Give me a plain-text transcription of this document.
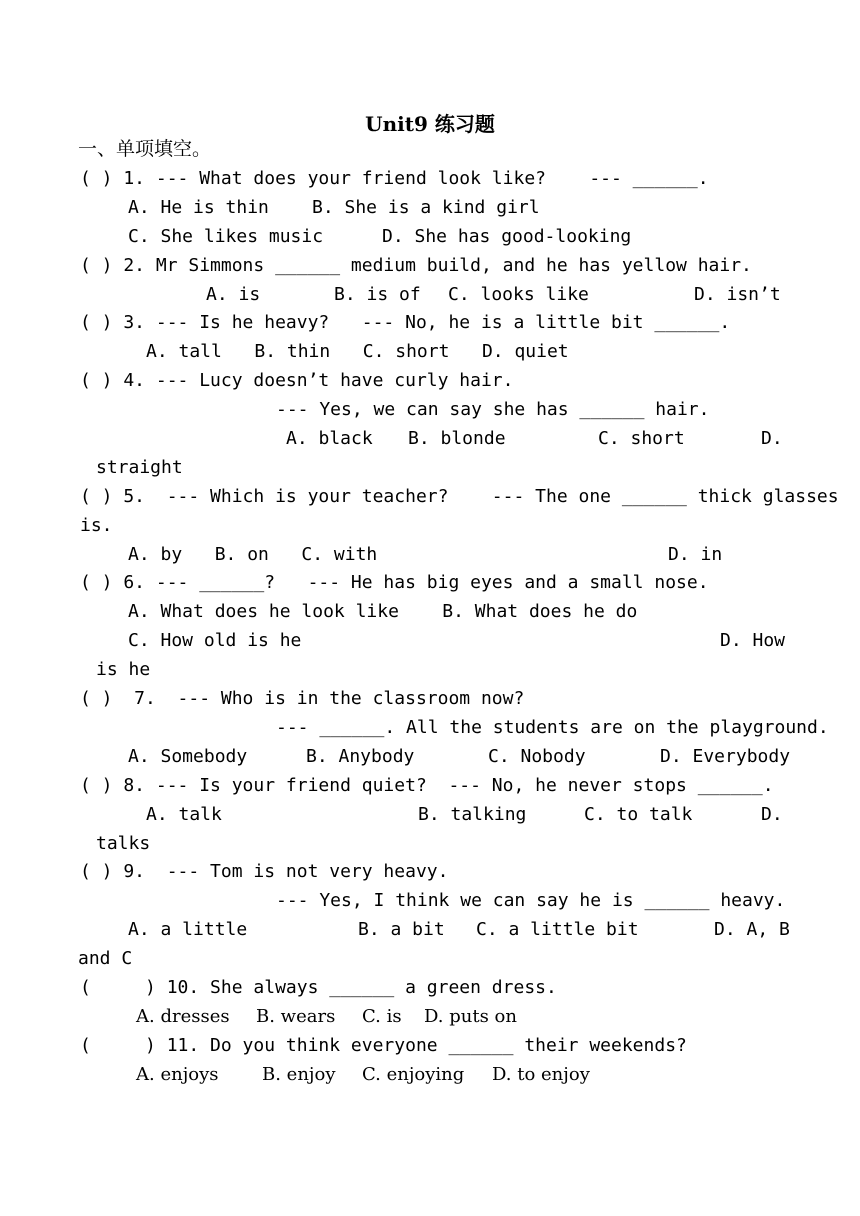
Unit9 练习题
一、单项填空。
( ) 1. --- What does your friend look like?    --- ______.
A. He is thin B. She is a kind girl
C. She likes music	D. She has good-looking
( ) 2. Mr Simmons ______ medium build, and he has yellow hair.
A. is	B. is of C. looks like	D. isn’t
( ) 3. --- Is he heavy?   --- No, he is a little bit ______.
A. tall   B. thin   C. short   D. quiet
( ) 4. --- Lucy doesn’t have curly hair.
--- Yes, we can say she has ______ hair.
A. black B. blonde	C. short	D.
straight
( ) 5.  --- Which is your teacher?    --- The one ______ thick glasses
is.
A. by   B. on   C. with	D. in
( ) 6. --- ______?   --- He has big eyes and a small nose.
A. What does he look like    B. What does he do
C. How old is he	D. How
is he
( )  7.  --- Who is in the classroom now?
--- ______. All the students are on the playground.
A. Somebody	B. Anybody	C. Nobody	D. Everybody
( ) 8. --- Is your friend quiet?  --- No, he never stops ______.
A. talk	B. talking	C. to talk	D.
talks
( ) 9.  --- Tom is not very heavy.
--- Yes, I think we can say he is ______ heavy.
A. a little	B. a bit C. a little bit	D. A, B
and C
(     ) 10. She always ______ a green dress.
A. dresses B. wears C. is D. puts on
(     ) 11. Do you think everyone ______ their weekends?
A. enjoys B. enjoy C. enjoying D. to enjoy
